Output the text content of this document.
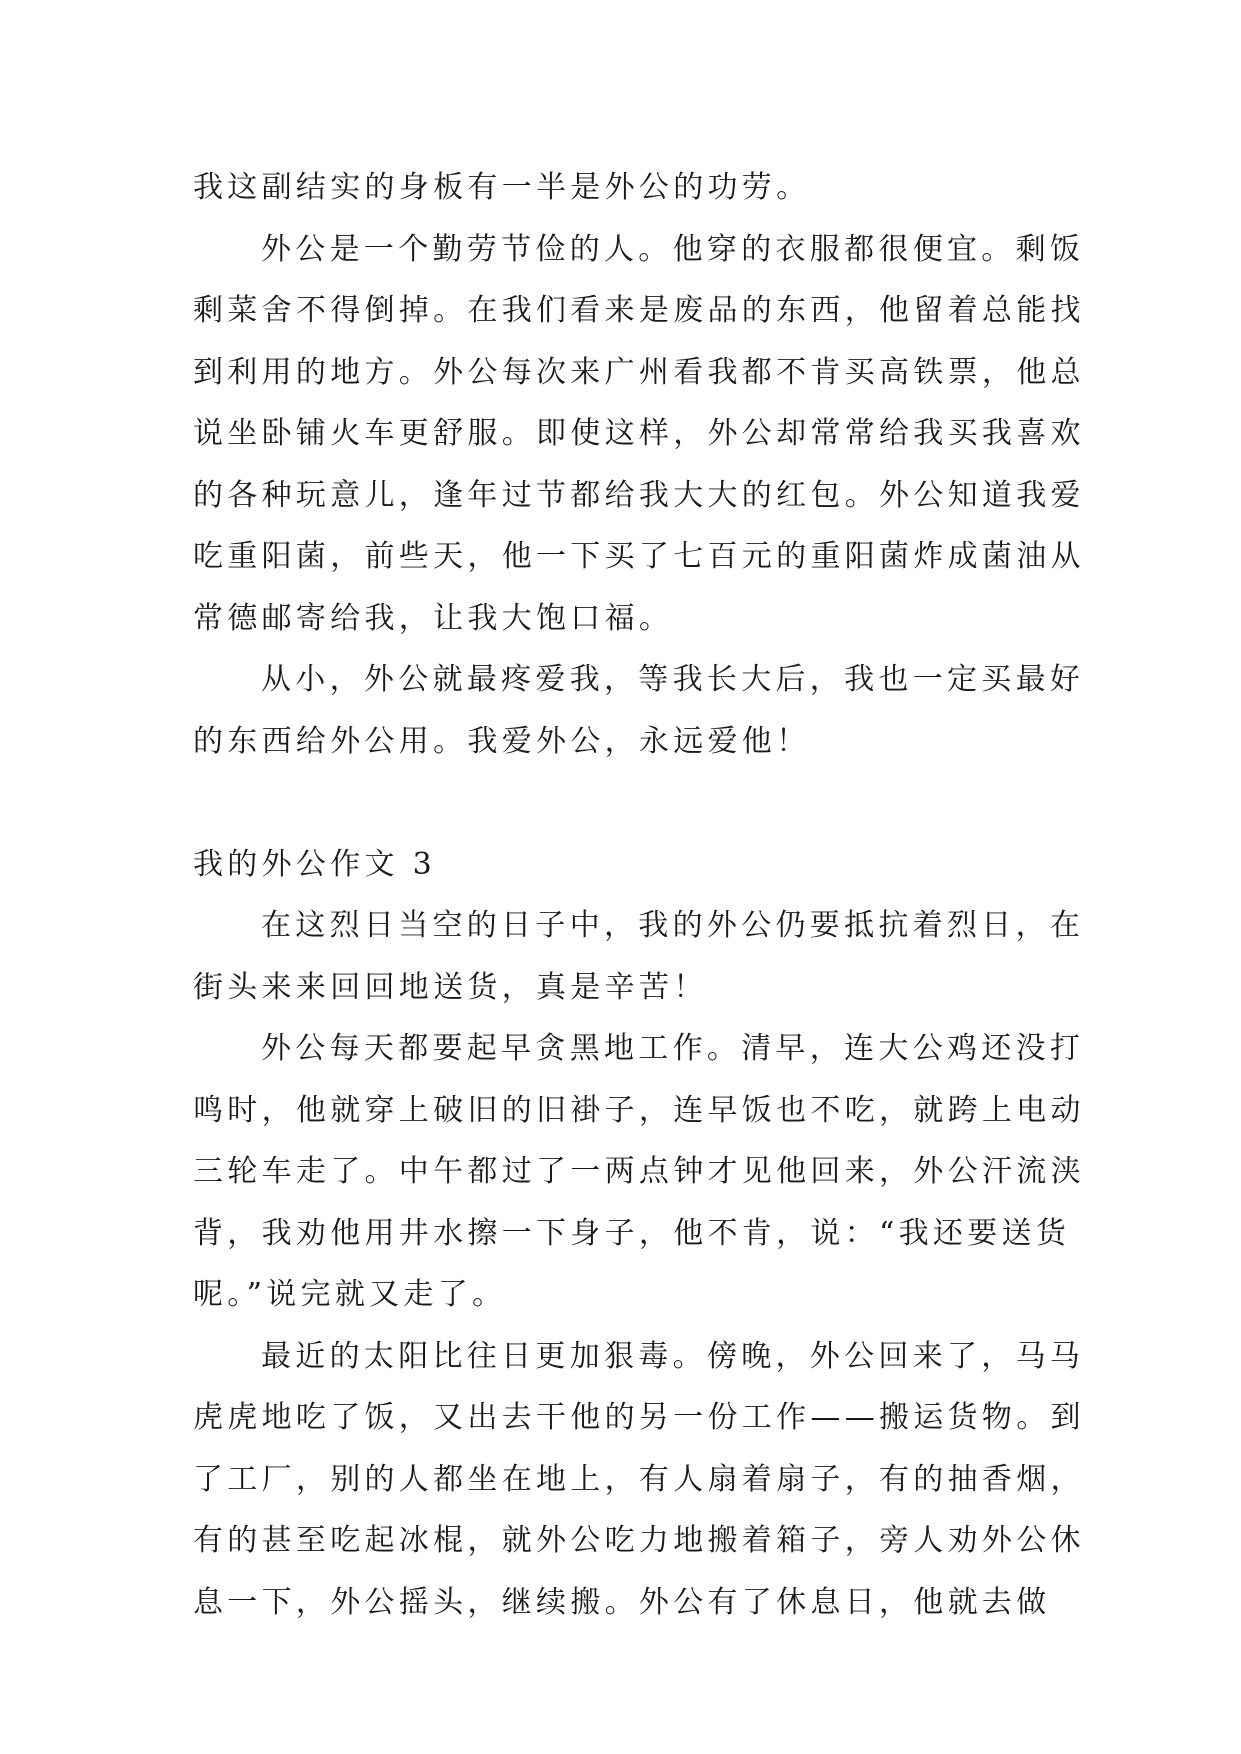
我这副结实的身板有一半是外公的功劳。
外公是一个勤劳节俭的人。他穿的衣服都很便宜。剩饭
剩菜舍不得倒掉。在我们看来是废品的东西，他留着总能找
到利用的地方。外公每次来广州看我都不肯买高铁票，他总
说坐卧铺火车更舒服。即使这样，外公却常常给我买我喜欢
的各种玩意儿，逢年过节都给我大大的红包。外公知道我爱
吃重阳菌，前些天，他一下买了七百元的重阳菌炸成菌油从
常德邮寄给我，让我大饱口福。
从小，外公就最疼爱我，等我长大后，我也一定买最好
的东西给外公用。我爱外公，永远爱他！
我的外公作文 3
在这烈日当空的日子中，我的外公仍要抵抗着烈日，在
街头来来回回地送货，真是辛苦！
外公每天都要起早贪黑地工作。清早，连大公鸡还没打
鸣时，他就穿上破旧的旧褂子，连早饭也不吃，就跨上电动
三轮车走了。中午都过了一两点钟才见他回来，外公汗流浃
背，我劝他用井水擦一下身子，他不肯，说：“我还要送货
呢。”说完就又走了。
最近的太阳比往日更加狠毒。傍晚，外公回来了，马马
虎虎地吃了饭，又出去干他的另一份工作——搬运货物。到
了工厂，别的人都坐在地上，有人扇着扇子，有的抽香烟，
有的甚至吃起冰棍，就外公吃力地搬着箱子，旁人劝外公休
息一下，外公摇头，继续搬。外公有了休息日，他就去做
